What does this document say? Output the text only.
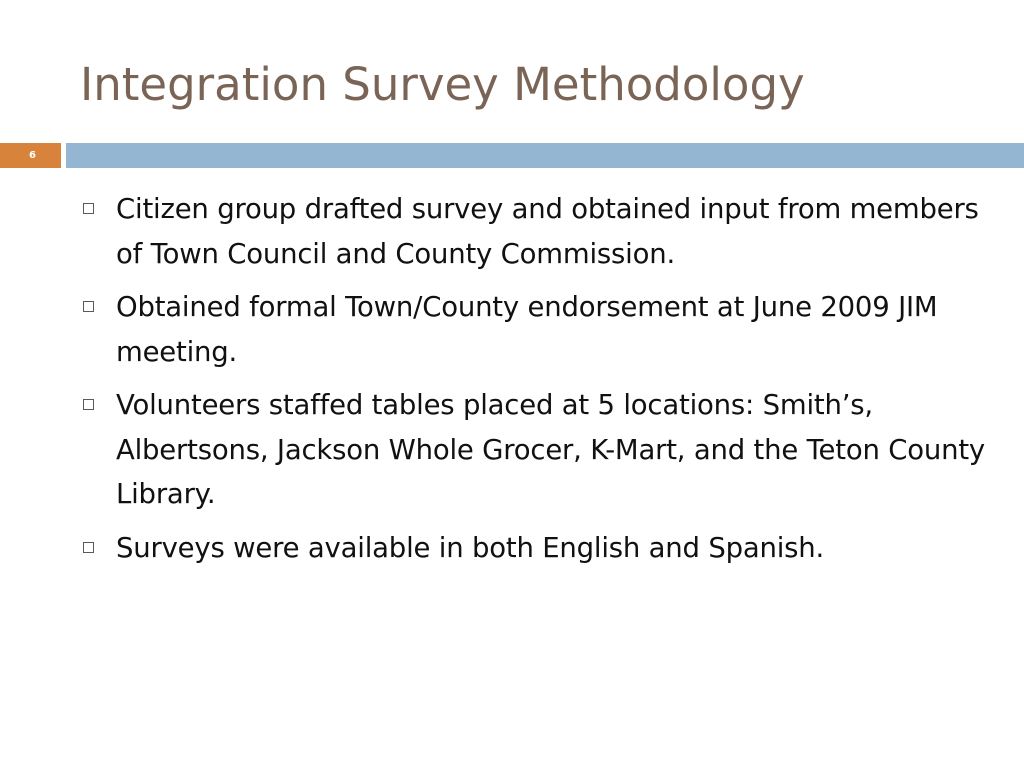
Integration Survey Methodology
6
Citizen group drafted survey and obtained input from members of Town Council and County Commission.
Obtained formal Town/County endorsement at June 2009 JIM meeting.
Volunteers staffed tables placed at 5 locations: Smith’s, Albertsons, Jackson Whole Grocer, K-Mart, and the Teton County Library.
Surveys were available in both English and Spanish.
